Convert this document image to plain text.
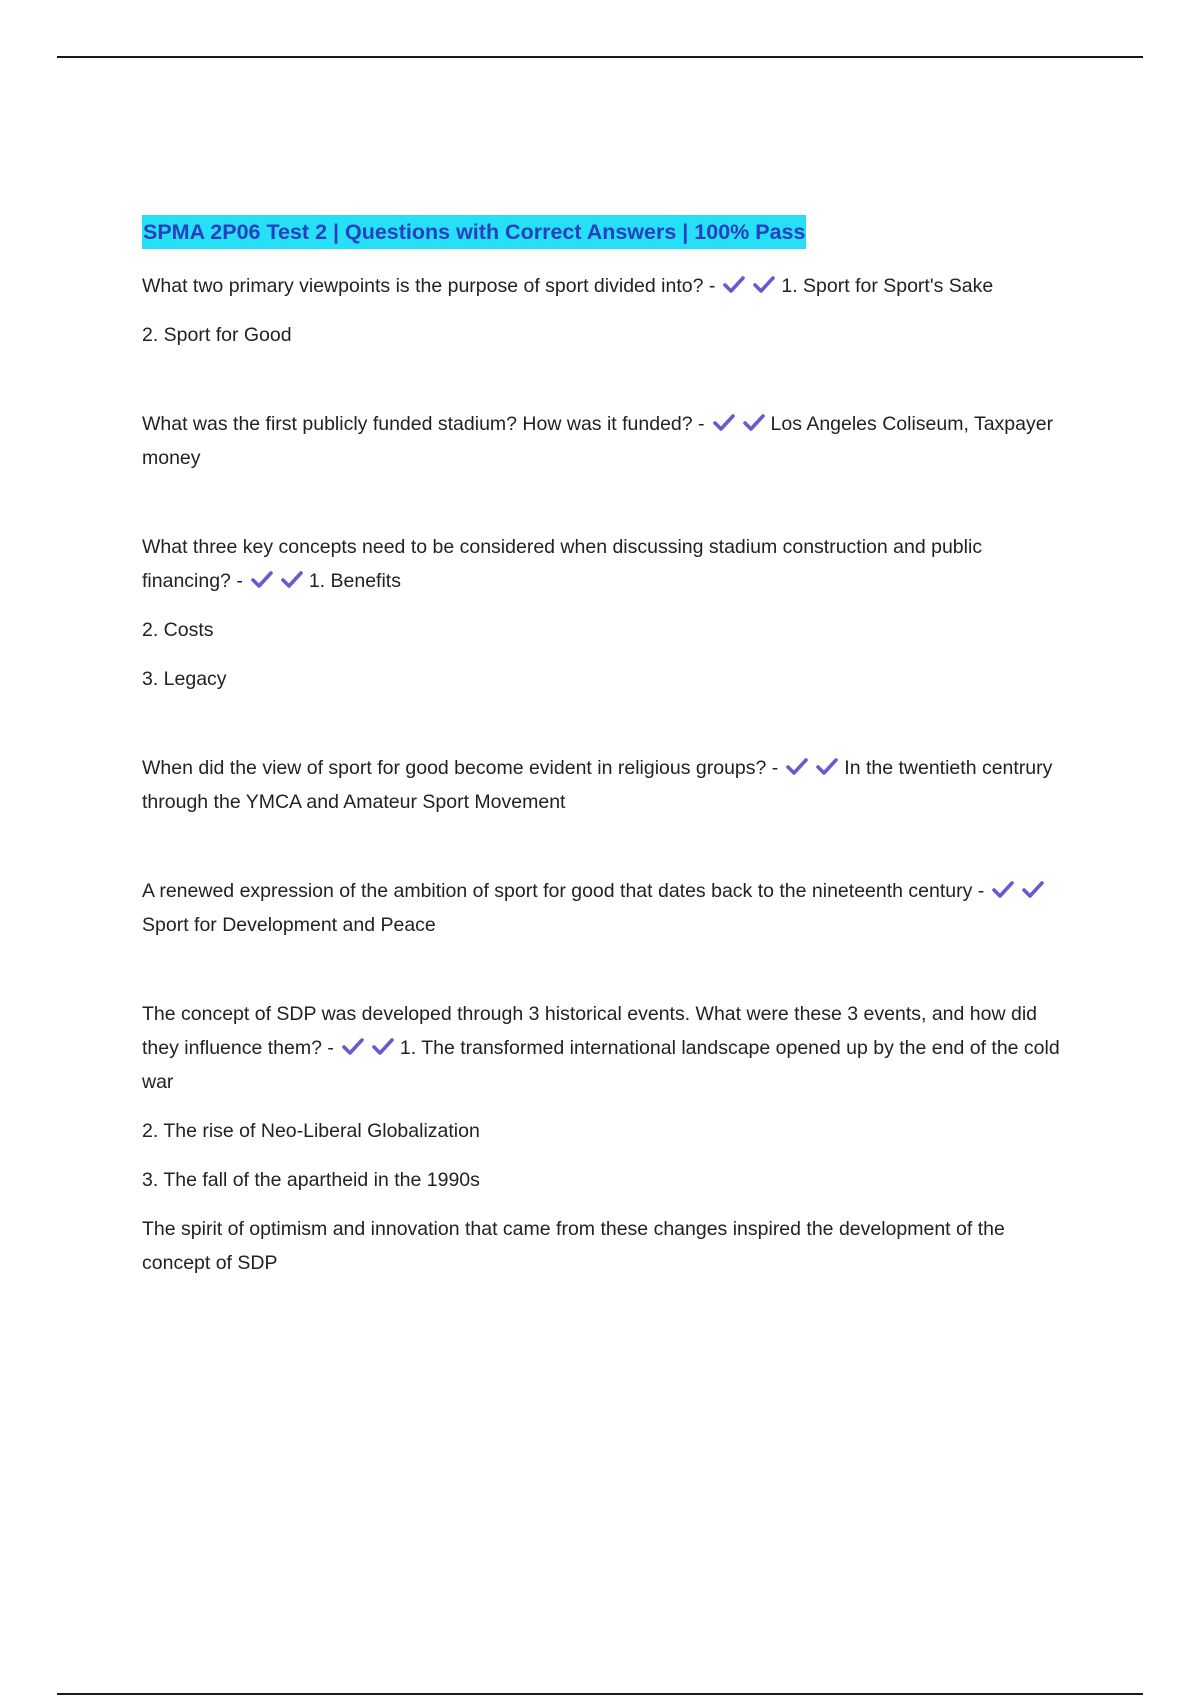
SPMA 2P06 Test 2 | Questions with Correct Answers | 100% Pass

What two primary viewpoints is the purpose of sport divided into? -	1. Sport for Sport's Sake

2. Sport for Good

What was the first publicly funded stadium? How was it funded? -	Los Angeles Coliseum, Taxpayer money

What three key concepts need to be considered when discussing stadium construction and public financing? -	1. Benefits

2. Costs

3. Legacy

When did the view of sport for good become evident in religious groups? -	In the twentieth centrury through the YMCA and Amateur Sport Movement

A renewed expression of the ambition of sport for good that dates back to the nineteenth century -
Sport for Development and Peace

The concept of SDP was developed through 3 historical events. What were these 3 events, and how did they influence them? -	1. The transformed international landscape opened up by the end of the cold war

2. The rise of Neo-Liberal Globalization

3. The fall of the apartheid in the 1990s

The spirit of optimism and innovation that came from these changes inspired the development of the concept of SDP
